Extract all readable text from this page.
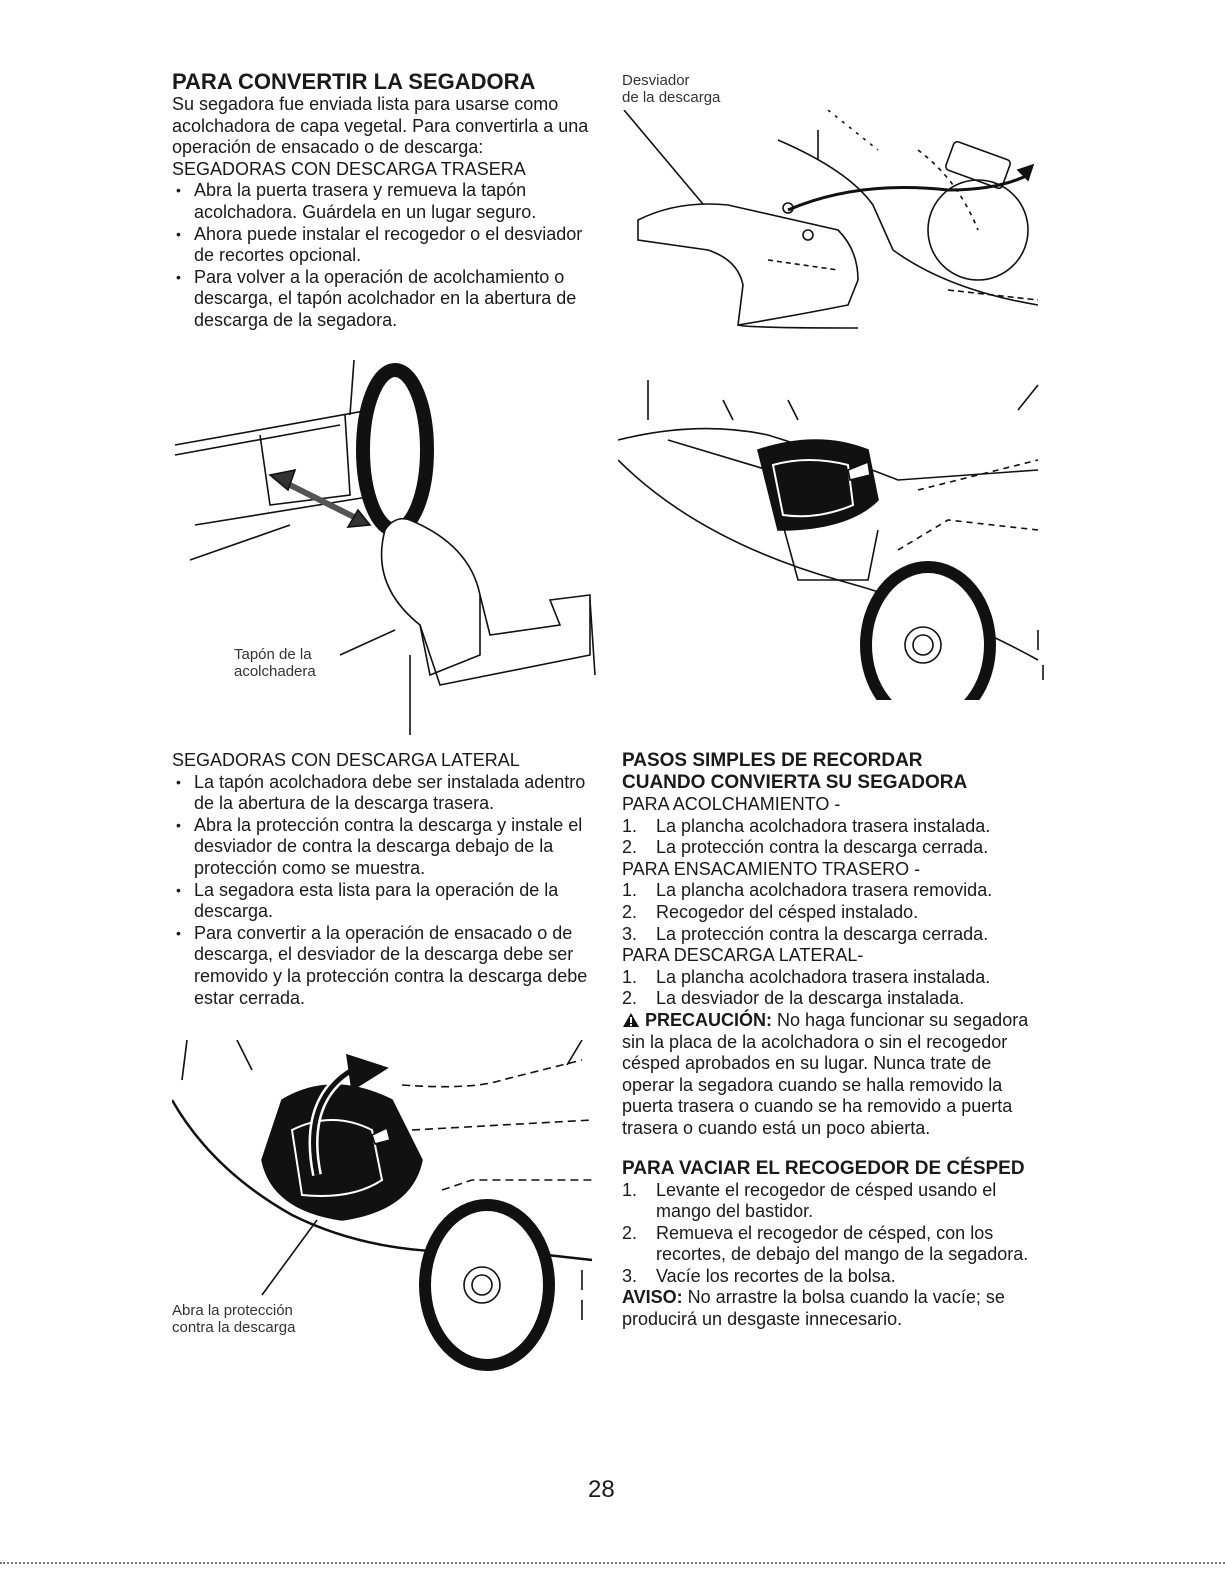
PARA CONVERTIR LA SEGADORA

Su segadora fue enviada lista para usarse como acolchadora de capa vegetal. Para convertirla a una operación de ensacado o de descarga:

SEGADORAS CON DESCARGA TRASERA

• Abra la puerta trasera y remueva la tapón acolchadora. Guárdela en un lugar seguro.
• Ahora puede instalar el recogedor o el desviador de recortes opcional.
• Para volver a la operación de acolchamiento o descarga, el tapón acolchador en la abertura de descarga de la segadora.
Desviador
de la descarga
Tapón de la
acolchadera

SEGADORAS CON DESCARGA LATERAL

• La tapón acolchadora debe ser instalada adentro de la abertura de la descarga trasera.
• Abra la protección contra la descarga y instale el desviador de contra la descarga debajo de la protección como se muestra.
• La segadora esta lista para la operación de la descarga.
• Para convertir a la operación de ensacado o de descarga, el desviador de la descarga debe ser removido y la protección contra la descarga debe estar cerrada.
Abra la protección
contra la descarga

PASOS SIMPLES DE RECORDAR

CUANDO CONVIERTA SU SEGADORA

PARA ACOLCHAMIENTO -

1. La plancha acolchadora trasera instalada.
2. La protección contra la descarga cerrada.

PARA ENSACAMIENTO TRASERO -

1. La plancha acolchadora trasera removida.
2. Recogedor del césped instalado.
3. La protección contra la descarga cerrada.

PARA DESCARGA LATERAL-

1. La plancha acolchadora trasera instalada.
2. La desviador de la descarga instalada.

PRECAUCIÓN: No haga funcionar su segadora sin la placa de la acolchadora o sin el recogedor césped aprobados en su lugar. Nunca trate de operar la segadora cuando se halla removido la puerta trasera o cuando se ha removido a puerta trasera o cuando está un poco abierta.

PARA VACIAR EL RECOGEDOR DE CÉSPED

1. Levante el recogedor de césped usando el mango del bastidor.
2. Remueva el recogedor de césped, con los recortes, de debajo del mango de la segadora.
3. Vacíe los recortes de la bolsa.

AVISO: No arrastre la bolsa cuando la vacíe; se producirá un desgaste innecesario.

28
